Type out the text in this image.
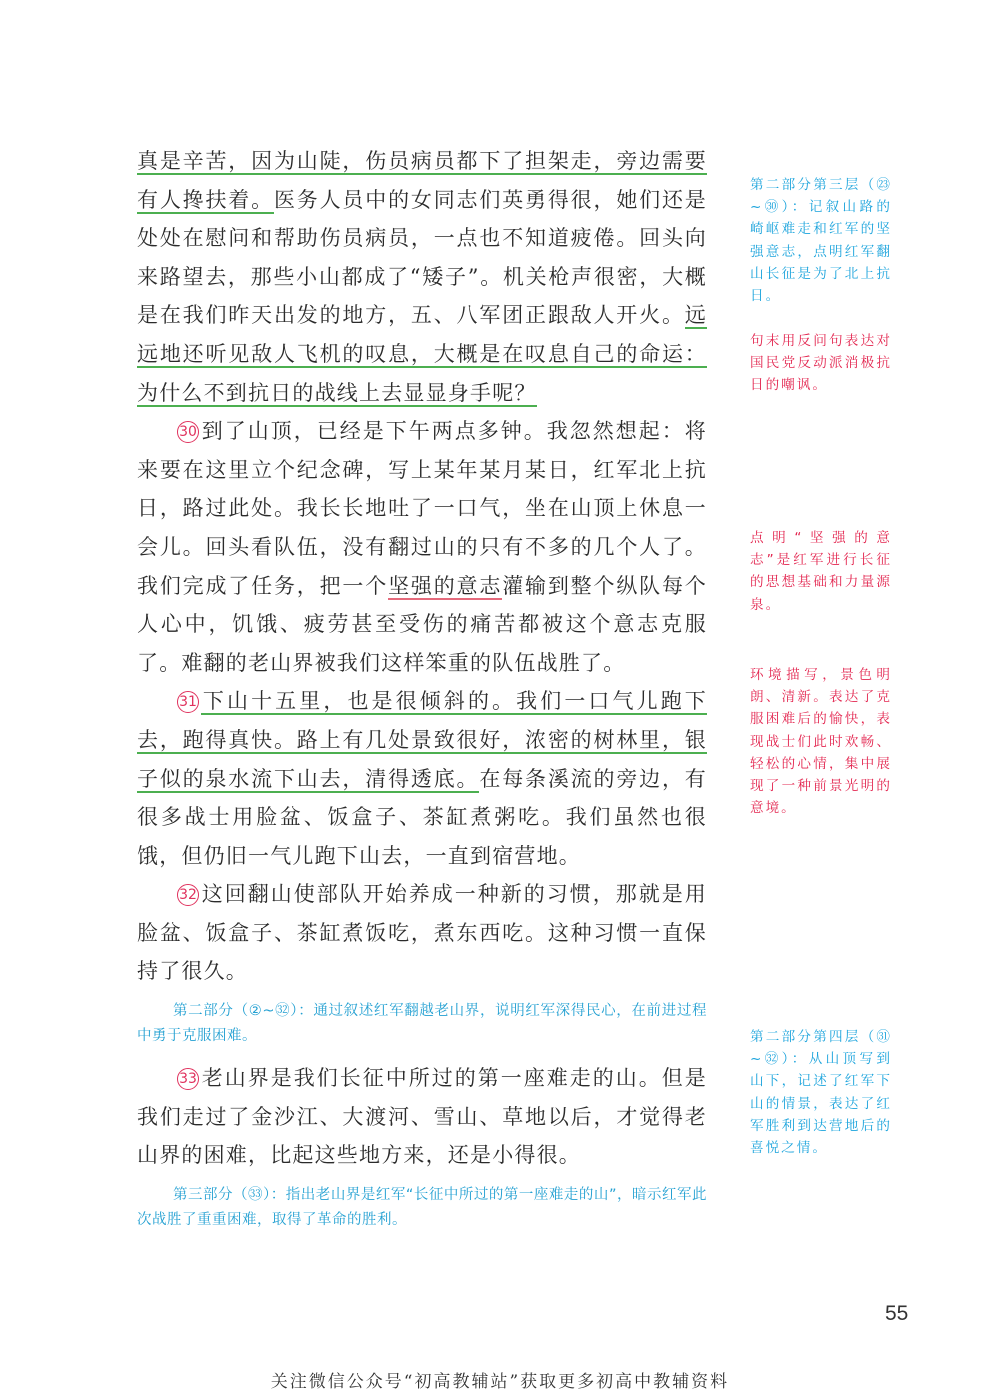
真是辛苦，因为山陡，伤员病员都下了担架走，旁边需要有人搀扶着。医务人员中的女同志们英勇得很，她们还是处处在慰问和帮助伤员病员，一点也不知道疲倦。回头向来路望去，那些小山都成了“矮子”。机关枪声很密，大概是在我们昨天出发的地方，五、八军团正跟敌人开火。远远地还听见敌人飞机的叹息，大概是在叹息自己的命运：为什么不到抗日的战线上去显显身手呢？

30 到了山顶，已经是下午两点多钟。我忽然想起：将来要在这里立个纪念碑，写上某年某月某日，红军北上抗日，路过此处。我长长地吐了一口气，坐在山顶上休息一会儿。回头看队伍，没有翻过山的只有不多的几个人了。我们完成了任务，把一个坚强的意志灌输到整个纵队每个人心中，饥饿、疲劳甚至受伤的痛苦都被这个意志克服了。难翻的老山界被我们这样笨重的队伍战胜了。

31 下山十五里，也是很倾斜的。我们一口气儿跑下去，跑得真快。路上有几处景致很好，浓密的树林里，银子似的泉水流下山去，清得透底。在每条溪流的旁边，有很多战士用脸盆、饭盒子、茶缸煮粥吃。我们虽然也很饿，但仍旧一气儿跑下山去，一直到宿营地。

32 这回翻山使部队开始养成一种新的习惯，那就是用脸盆、饭盒子、茶缸煮饭吃，煮东西吃。这种习惯一直保持了很久。

第二部分（②~㉜）：通过叙述红军翻越老山界，说明红军深得民心，在前进过程中勇于克服困难。

33 老山界是我们长征中所过的第一座难走的山。但是我们走过了金沙江、大渡河、雪山、草地以后，才觉得老山界的困难，比起这些地方来，还是小得很。

第三部分（㉝）：指出老山界是红军“长征中所过的第一座难走的山”，暗示红军此次战胜了重重困难，取得了革命的胜利。

第二部分第三层（㉓~㉚）：记叙山路的崎岖难走和红军的坚强意志，点明红军翻山长征是为了北上抗日。
句末用反问句表达对国民党反动派消极抗日的嘲讽。
点明“坚强的意志”是红军进行长征的思想基础和力量源泉。
环境描写，景色明朗、清新。表达了克服困难后的愉快，表现战士们此时欢畅、轻松的心情，集中展现了一种前景光明的意境。
第二部分第四层（㉛~㉜）：从山顶写到山下，记述了红军下山的情景，表达了红军胜利到达营地后的喜悦之情。
55
关注微信公众号“初高教辅站”获取更多初高中教辅资料
